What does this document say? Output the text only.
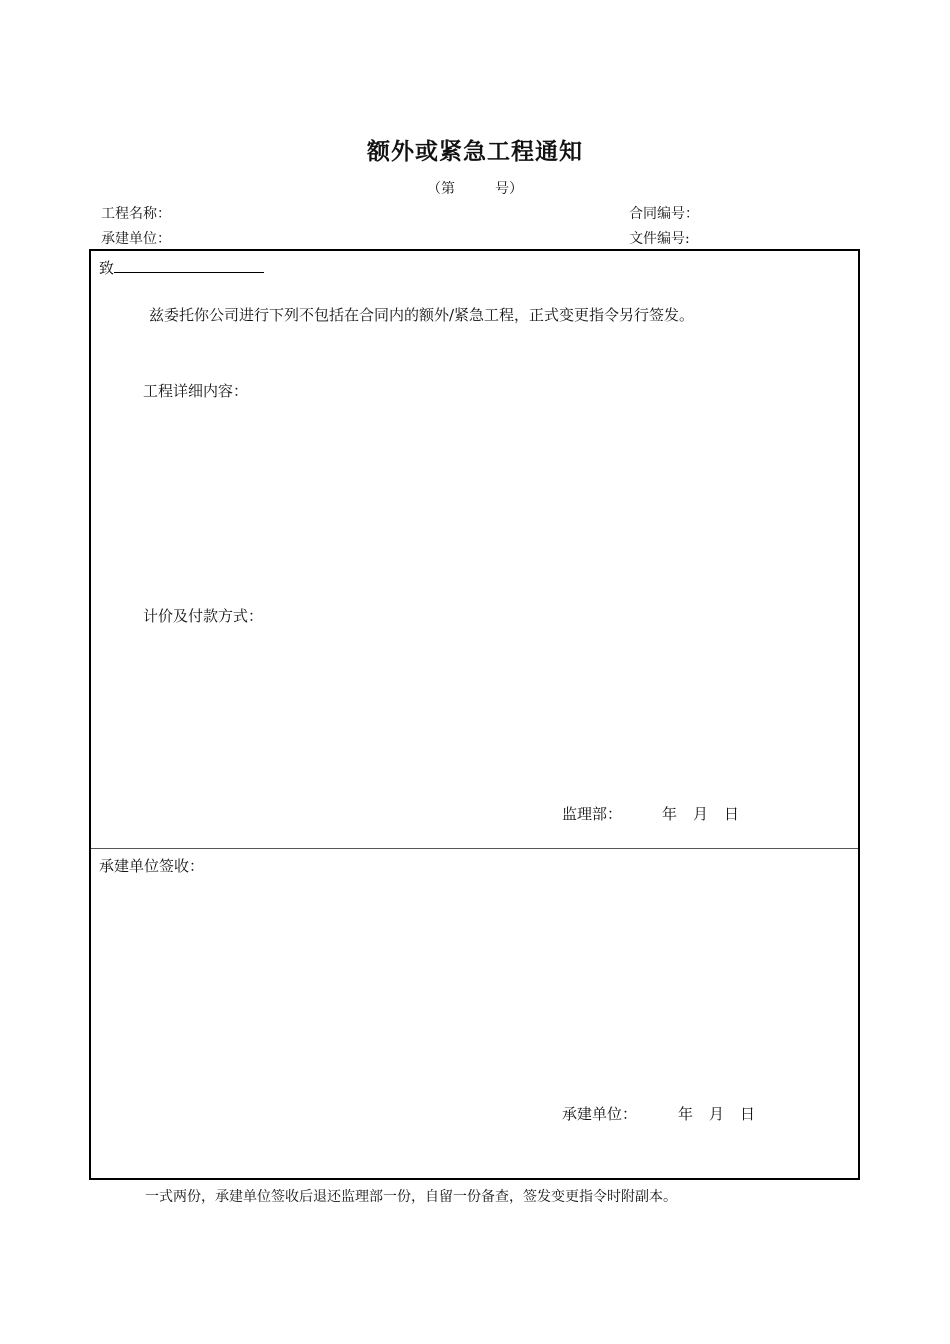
额外或紧急工程通知
（第	号）
工程名称：	合同编号：
承建单位：	文件编号:
致
兹委托你公司进行下列不包括在合同内的额外/紧急工程，正式变更指令另行签发。
工程详细内容：
计价及付款方式：
监理部：	年 月 日
承建单位签收：
承建单位：	年 月 日
一式两份，承建单位签收后退还监理部一份，自留一份备查，签发变更指令时附副本。
